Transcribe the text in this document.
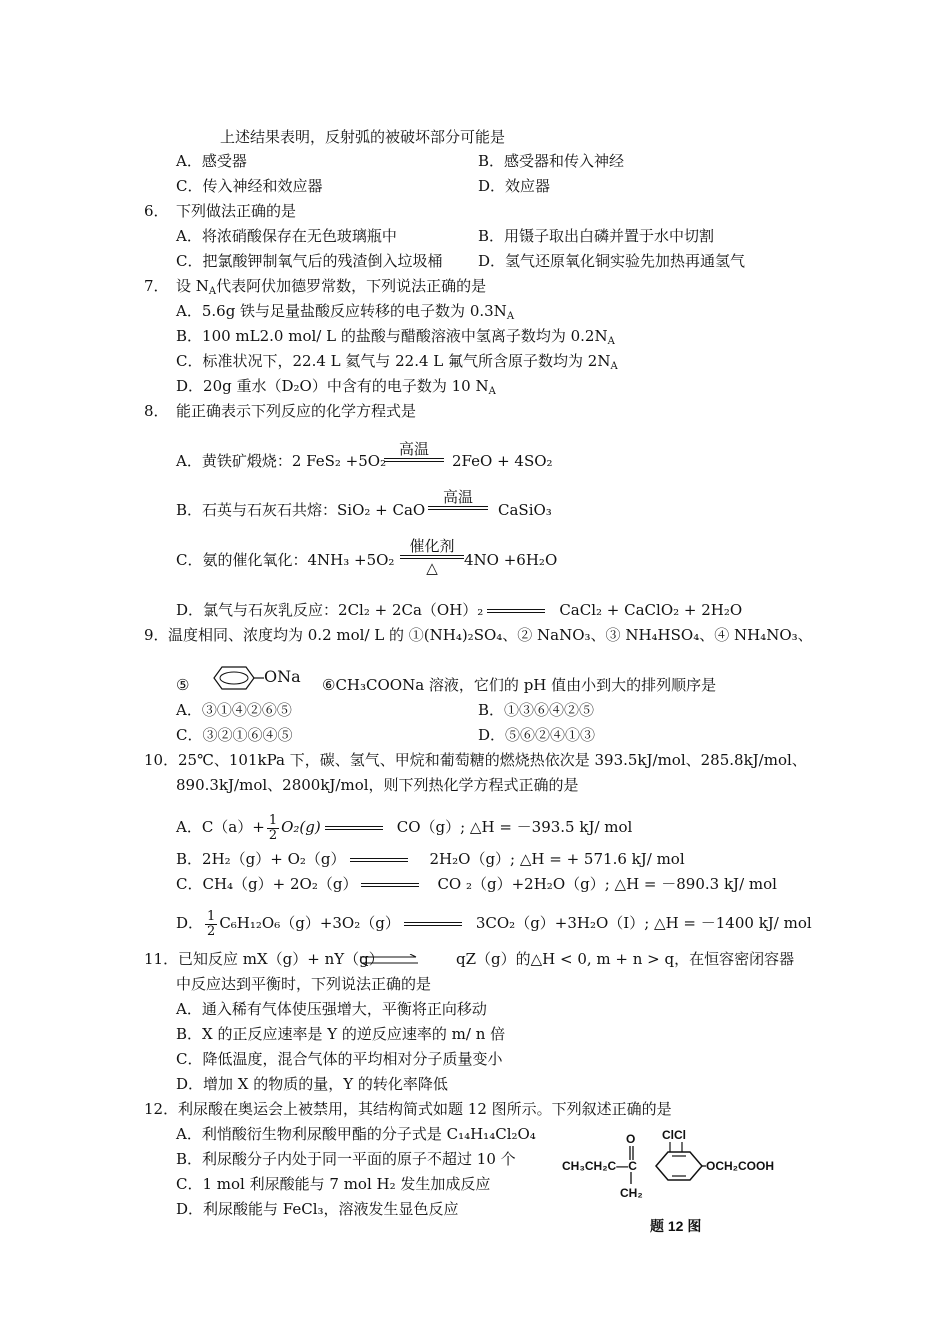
上述结果表明，反射弧的被破坏部分可能是
A．感受器	B．感受器和传入神经
C．传入神经和效应器	D．效应器
6． 下列做法正确的是
A．将浓硝酸保存在无色玻璃瓶中	B．用镊子取出白磷并置于水中切割
C．把氯酸钾制氧气后的残渣倒入垃圾桶 D．氢气还原氧化铜实验先加热再通氢气
7． 设 $N_A$代表阿伏加德罗常数，下列说法正确的是
A．5.6g 铁与足量盐酸反应转移的电子数为 $0.3N_A$
B．100 mL2.0 mol/ L 的盐酸与醋酸溶液中氢离子数均为 $0.2N_A$
C．标准状况下，22.4 L 氦气与 22.4 L 氟气所含原子数均为 $2N_A$
D．20g 重水（D₂O）中含有的电子数为 10 $N_A$
8． 能正确表示下列反应的化学方程式是
A．黄铁矿煅烧：2 FeS₂ +5O₂
高温
2FeO + 4SO₂
B．石英与石灰石共熔：SiO₂ + CaO
高温
CaSiO₃
C．氨的催化氧化：4NH₃ +5O₂
催化剂
△	4NO +6H₂O
D．氯气与石灰乳反应：2Cl₂ + 2Ca（OH）₂	CaCl₂ + CaClO₂ + 2H₂O
9． 温度相同、浓度均为 0.2 mol/ L 的 ①(NH₄)₂SO₄、② NaNO₃、③ NH₄HSO₄、④ NH₄NO₃、
⑤	ONa ⑥CH₃COONa 溶液，它们的 pH 值由小到大的排列顺序是
A．③①④②⑥⑤	B．①③⑥④②⑤
C．③②①⑥④⑤	D．⑤⑥②④①③
10． 25℃、101kPa 下，碳、氢气、甲烷和葡萄糖的燃烧热依次是 393.5kJ/mol、285.8kJ/mol、
890.3kJ/mol、2800kJ/mol，则下列热化学方程式正确的是
A．$C(a)+ \frac{1}{2} O_2(g)$	CO（g）; △H = －393.5 kJ/ mol
B．2H₂（g）+ O₂（g）	2H₂O（g）; △H = + 571.6 kJ/ mol
C．CH₄（g）+ 2O₂（g）	CO ₂（g）+2H₂O（g）; △H = －890.3 kJ/ mol
D． $\frac{1}{2} C_6H_{12}O_6(g)+3O_2(g)$	3CO₂（g）+3H₂O（I）; △H = －1400 kJ/ mol
11． 已知反应 mX（g）+ nY（g）	qZ（g）的△H < 0, m + n > q，在恒容密闭容器
中反应达到平衡时，下列说法正确的是
A．通入稀有气体使压强增大，平衡将正向移动
B．X 的正反应速率是 Y 的逆反应速率的 m/ n 倍
C．降低温度，混合气体的平均相对分子质量变小
D．增加 X 的物质的量，Y 的转化率降低
12． 利尿酸在奥运会上被禁用，其结构简式如题 12 图所示。下列叙述正确的是
A．利悄酸衍生物利尿酸甲酯的分子式是 C₁₄H₁₄Cl₂O₄
B．利尿酸分子内处于同一平面的原子不超过 10 个
C．1 mol 利尿酸能与 7 mol H₂ 发生加成反应
D．利尿酸能与 FeCl₃，溶液发生显色反应
O ClCl
CH₃CH₂C—C	OCH₂COOH
CH₂
题 12 图
